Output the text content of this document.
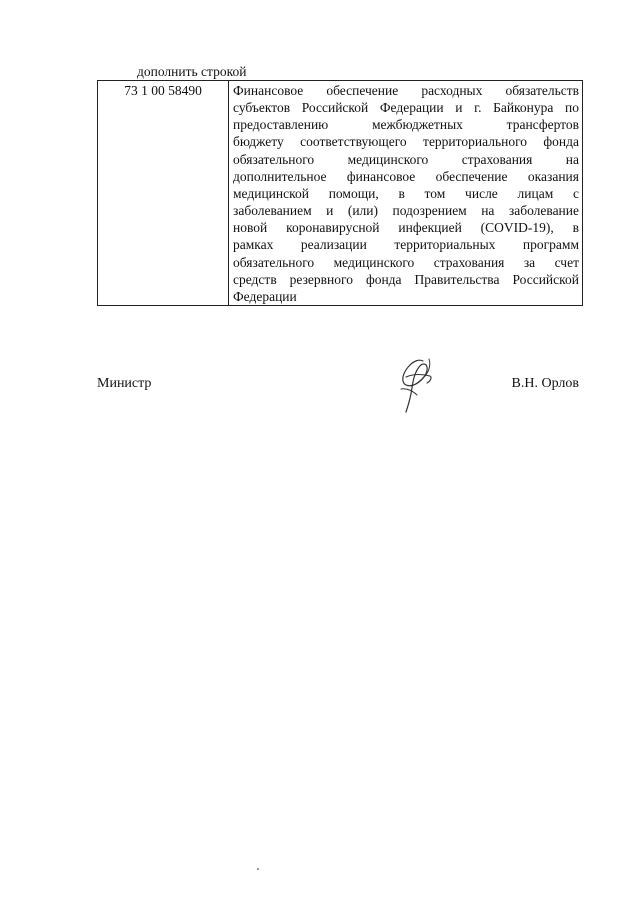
дополнить строкой
73 1 00 58490	Финансовое обеспечение расходных обязательств
субъектов Российской Федерации и г. Байконура по
предоставлению межбюджетных трансфертов
бюджету соответствующего территориального фонда
обязательного медицинского страхования на
дополнительное финансовое обеспечение оказания
медицинской помощи, в том числе лицам с
заболеванием и (или) подозрением на заболевание
новой коронавирусной инфекцией (COVID-19), в
рамках реализации территориальных программ
обязательного медицинского страхования за счет
средств резервного фонда Правительства Российской
Федерации
Министр	В.Н. Орлов
